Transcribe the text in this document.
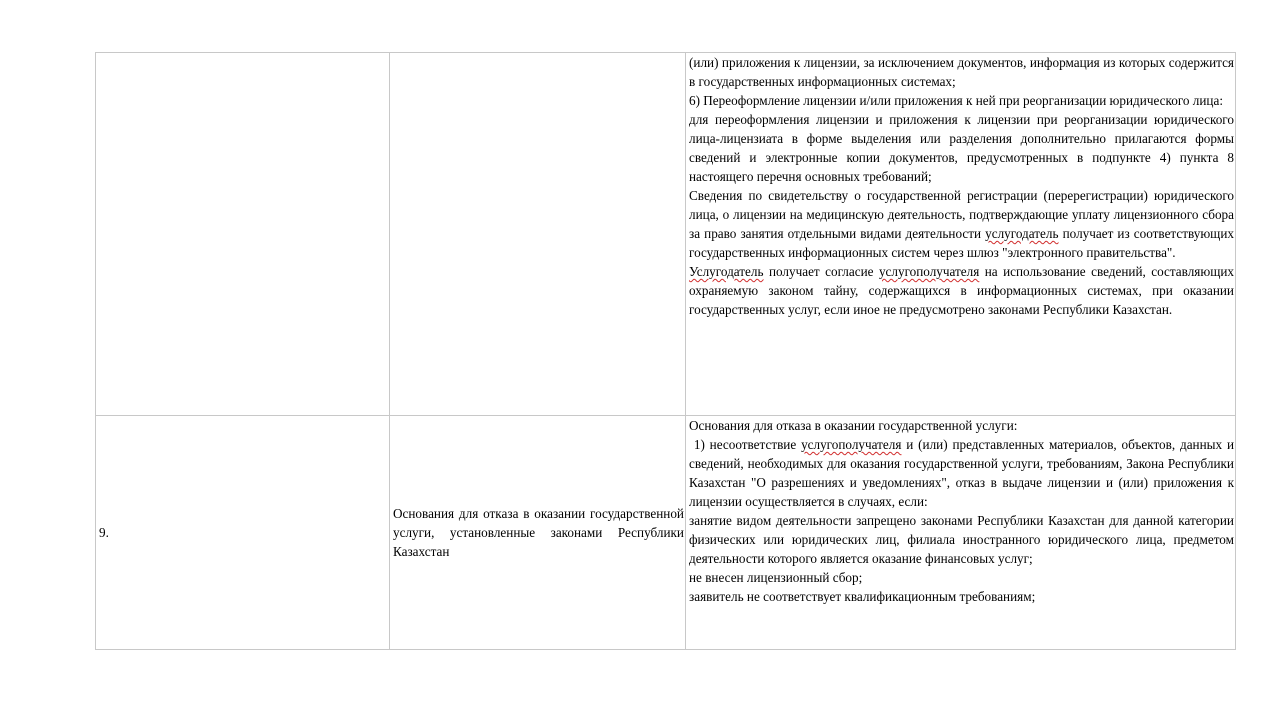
		(или) приложения к лицензии, за исключением документов, информация из которых содержится в государственных информационных системах;

6) Переоформление лицензии и/или приложения к ней при реорганизации юридического лица:

для переоформления лицензии и приложения к лицензии при реорганизации юридического лица-лицензиата в форме выделения или разделения дополнительно прилагаются формы сведений и электронные копии документов, предусмотренных в подпункте 4) пункта 8 настоящего перечня основных требований;

Сведения по свидетельству о государственной регистрации (перерегистрации) юридического лица, о лицензии на медицинскую деятельность, подтверждающие уплату лицензионного сбора за право занятия отдельными видами деятельности услугодатель получает из соответствующих государственных информационных систем через шлюз "электронного правительства".

Услугодатель получает согласие услугополучателя на использование сведений, составляющих охраняемую законом тайну, содержащихся в информационных системах, при оказании государственных услуг, если иное не предусмотрено законами Республики Казахстан.

9.	Основания для отказа в оказании государственной услуги, установленные законами Республики Казахстан	Основания для отказа в оказании государственной услуги:

1) несоответствие услугополучателя и (или) представленных материалов, объектов, данных и сведений, необходимых для оказания государственной услуги, требованиям, Закона Республики Казахстан "О разрешениях и уведомлениях", отказ в выдаче лицензии и (или) приложения к лицензии осуществляется в случаях, если:

занятие видом деятельности запрещено законами Республики Казахстан для данной категории физических или юридических лиц, филиала иностранного юридического лица, предметом деятельности которого является оказание финансовых услуг;

не внесен лицензионный сбор;

заявитель не соответствует квалификационным требованиям;
